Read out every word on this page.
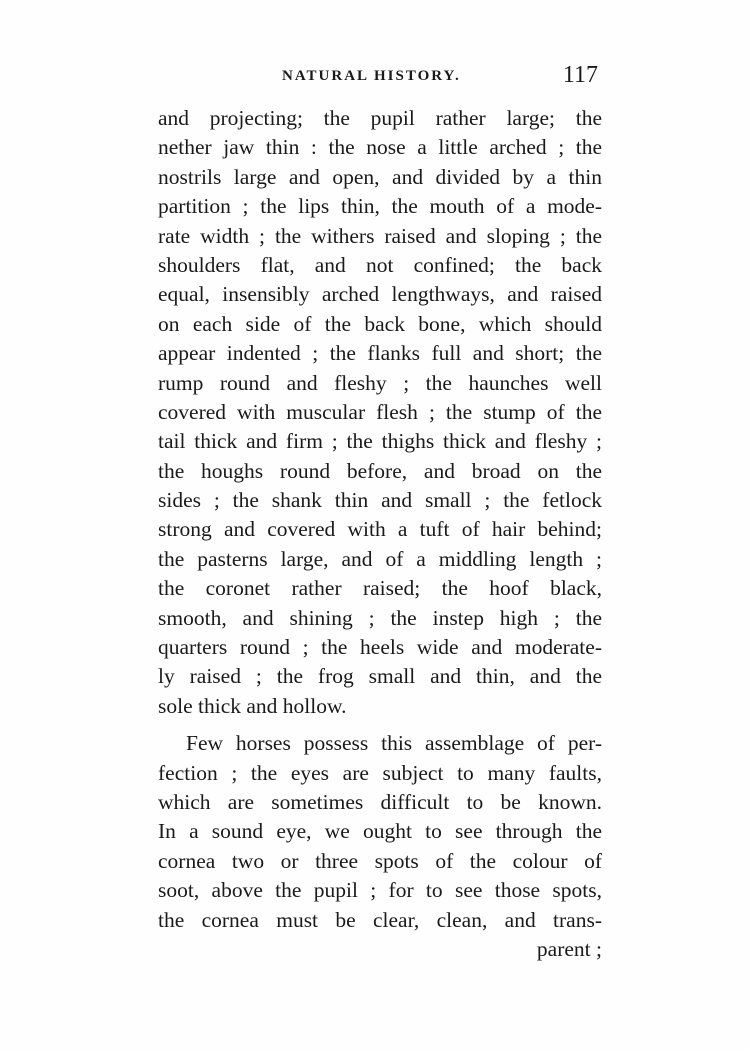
NATURAL HISTORY.	117
and projecting; the pupil rather large; the
nether jaw thin : the nose a little arched ; the
nostrils large and open, and divided by a thin
partition ; the lips thin, the mouth of a mode-
rate width ; the withers raised and sloping ; the
shoulders flat, and not confined; the back
equal, insensibly arched lengthways, and raised
on each side of the back bone, which should
appear indented ; the flanks full and short; the
rump round and fleshy ; the haunches well
covered with muscular flesh ; the stump of the
tail thick and firm ; the thighs thick and fleshy ;
the houghs round before, and broad on the
sides ; the shank thin and small ; the fetlock
strong and covered with a tuft of hair behind;
the pasterns large, and of a middling length ;
the coronet rather raised; the hoof black,
smooth, and shining ; the instep high ; the
quarters round ; the heels wide and moderate-
ly raised ; the frog small and thin, and the
sole thick and hollow.
Few horses possess this assemblage of per-
fection ; the eyes are subject to many faults,
which are sometimes difficult to be known.
In a sound eye, we ought to see through the
cornea two or three spots of the colour of
soot, above the pupil ; for to see those spots,
the cornea must be clear, clean, and trans-
parent ;
